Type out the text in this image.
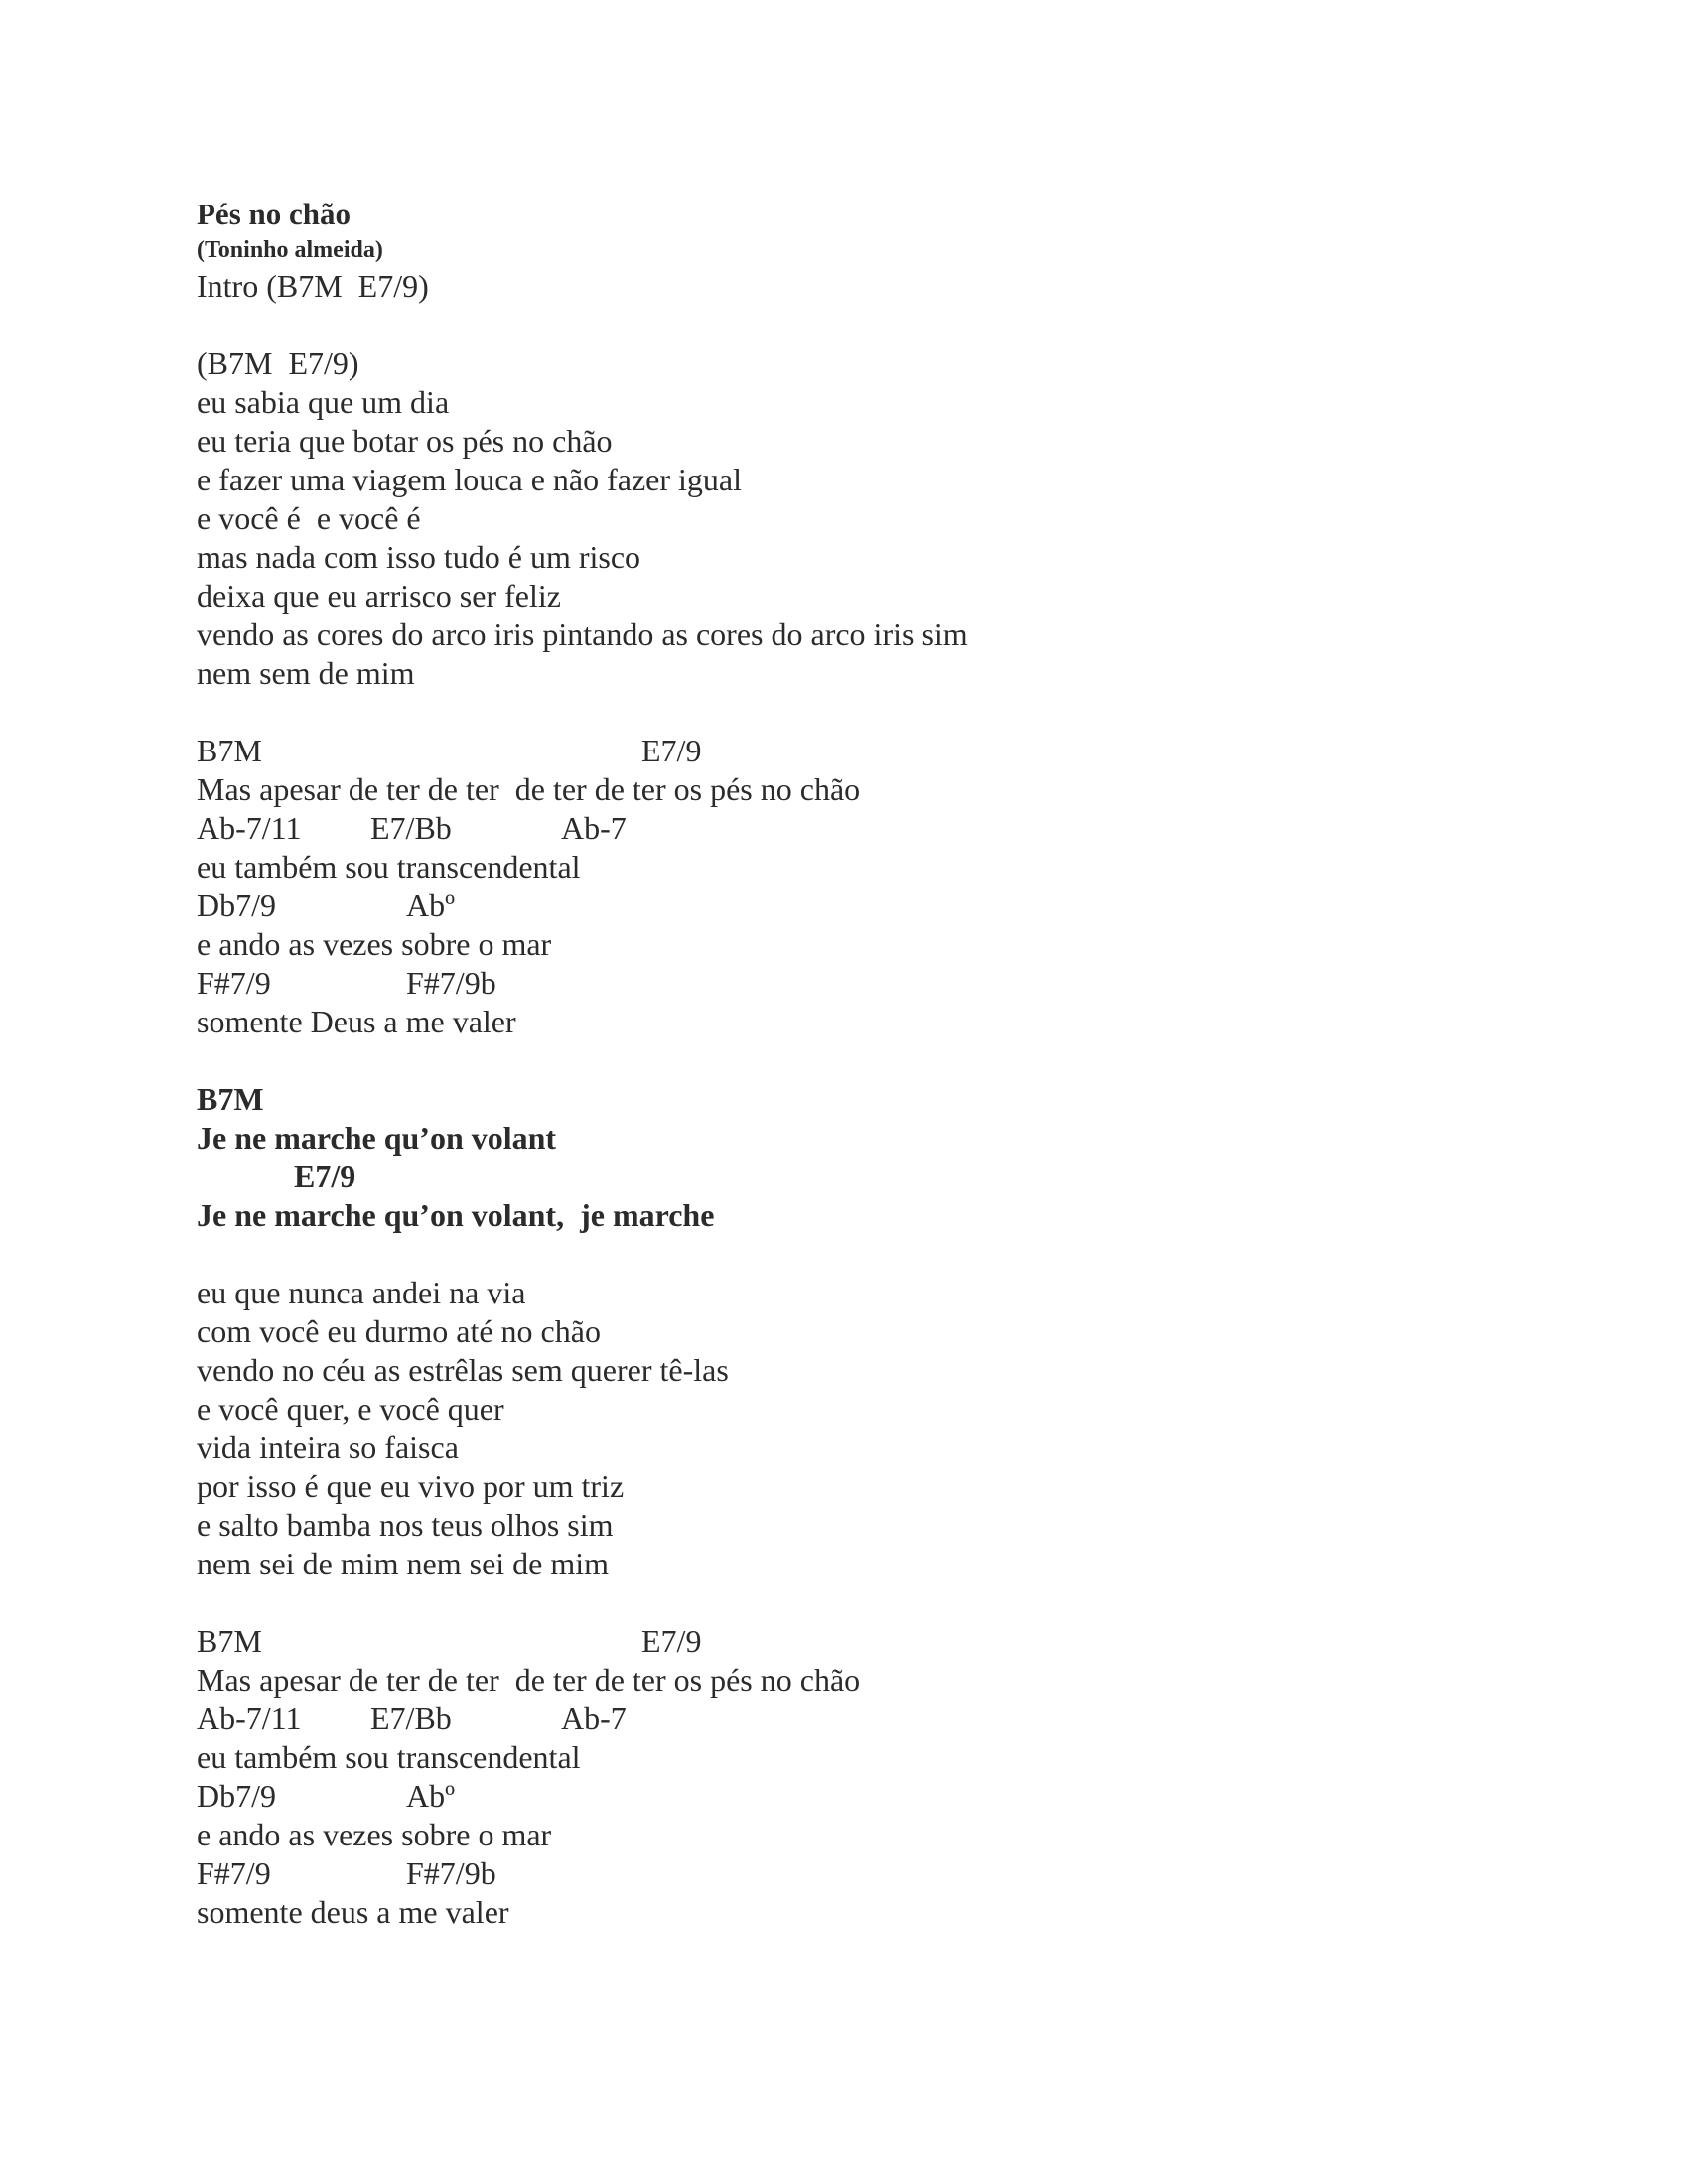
Pés no chão
(Toninho almeida)
Intro (B7M  E7/9)
(B7M  E7/9)
eu sabia que um dia
eu teria que botar os pés no chão
e fazer uma viagem louca e não fazer igual
e você é  e você é
mas nada com isso tudo é um risco
deixa que eu arrisco ser feliz
vendo as cores do arco iris pintando as cores do arco iris sim
nem sem de mim

B7M

	E7/9

Mas apesar de ter de ter  de ter de ter os pés no chão

Ab-7/11

E7/Bb

	Ab-7

eu também sou transcendental

Db7/9

	Abº

e ando as vezes sobre o mar

F#7/9

	F#7/9b

somente Deus a me valer
B7M
Je ne marche qu’on volant

E7/9

Je ne marche qu’on volant,  je marche
eu que nunca andei na via
com você eu durmo até no chão
vendo no céu as estrêlas sem querer tê-las
e você quer, e você quer
vida inteira so faisca
por isso é que eu vivo por um triz
e salto bamba nos teus olhos sim
nem sei de mim nem sei de mim

B7M

	E7/9

Mas apesar de ter de ter  de ter de ter os pés no chão

Ab-7/11

E7/Bb

	Ab-7

eu também sou transcendental

Db7/9

	Abº

e ando as vezes sobre o mar

F#7/9

	F#7/9b

somente deus a me valer
